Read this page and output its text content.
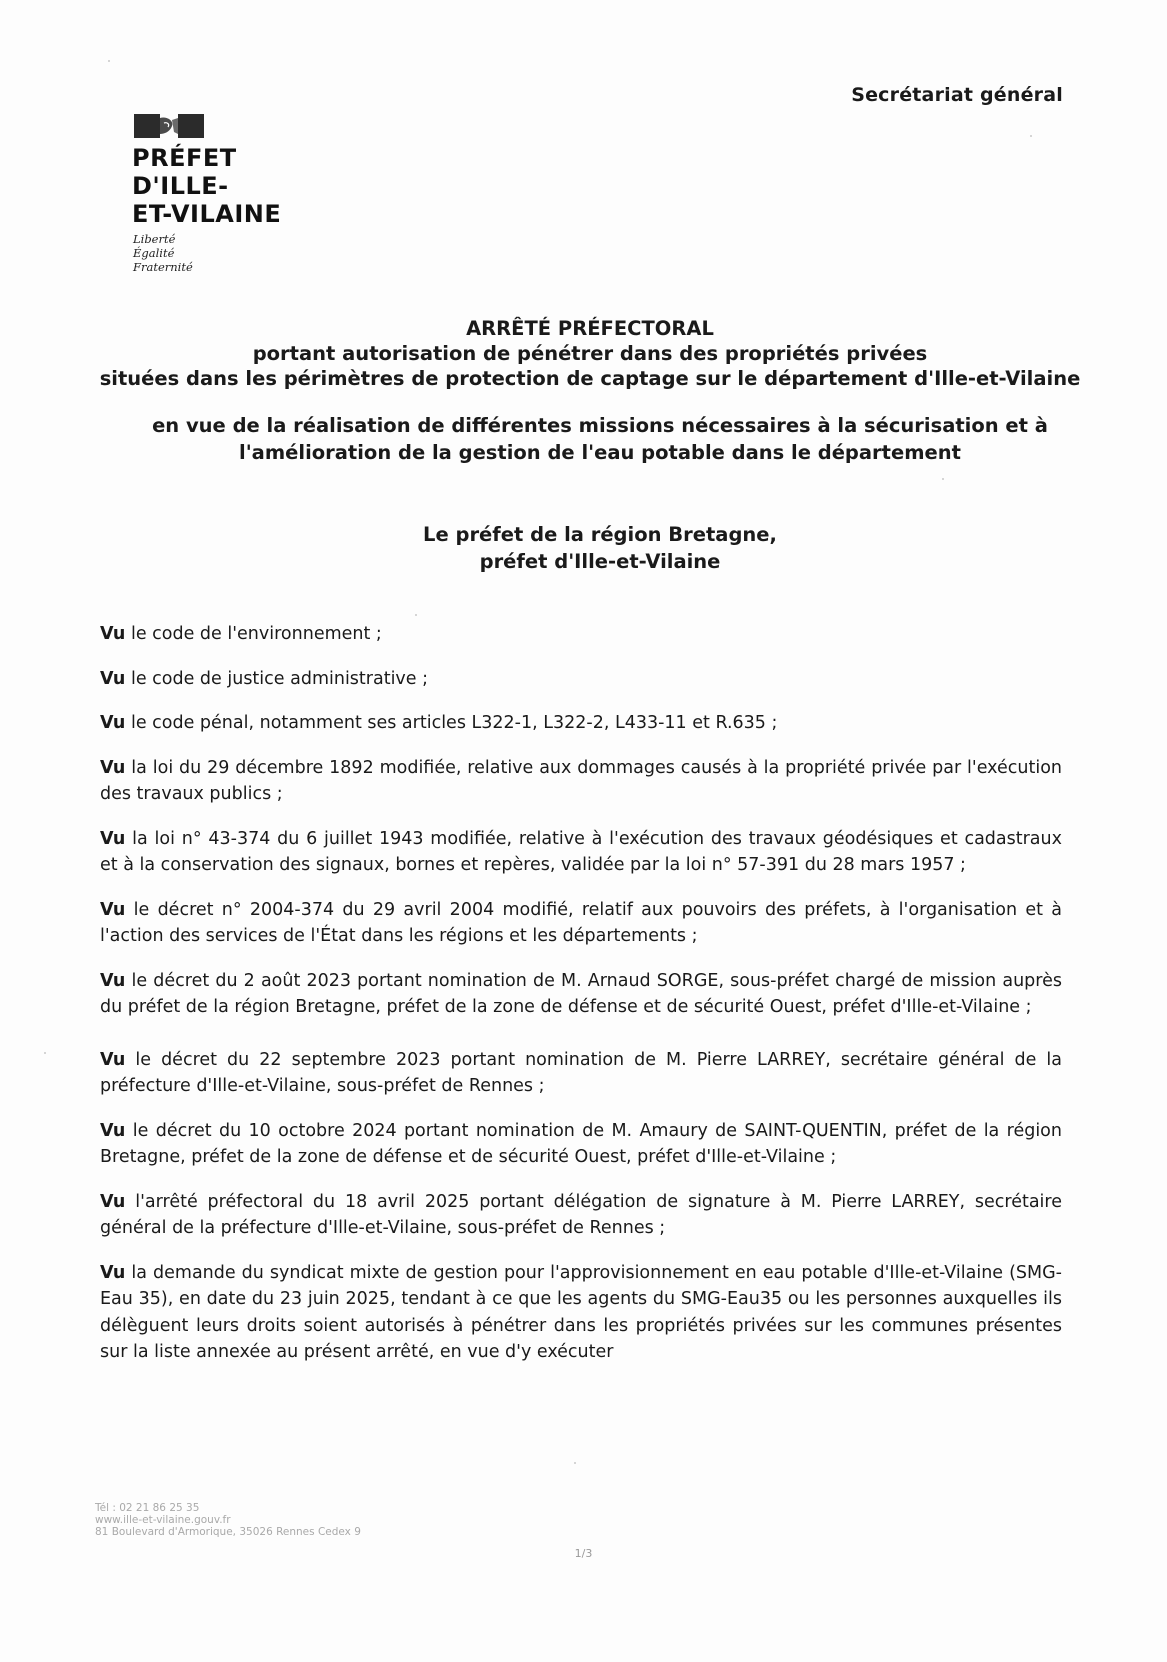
Secrétariat général
PRÉFET
D'ILLE-
ET-VILAINE
Liberté
Égalité
Fraternité
ARRÊTÉ PRÉFECTORAL
portant autorisation de pénétrer dans des propriétés privées
situées dans les périmètres de protection de captage sur le département d'Ille-et-Vilaine
en vue de la réalisation de différentes missions nécessaires à la sécurisation et à
l'amélioration de la gestion de l'eau potable dans le département
Le préfet de la région Bretagne,
préfet d'Ille-et-Vilaine

Vu le code de l'environnement ;

Vu le code de justice administrative ;

Vu le code pénal, notamment ses articles L322-1, L322-2, L433-11 et R.635 ;

Vu la loi du 29 décembre 1892 modifiée, relative aux dommages causés à la propriété privée par l'exécution des travaux publics ;

Vu la loi n° 43-374 du 6 juillet 1943 modifiée, relative à l'exécution des travaux géodésiques et cadastraux et à la conservation des signaux, bornes et repères, validée par la loi n° 57-391 du 28 mars 1957 ;

Vu le décret n° 2004-374 du 29 avril 2004 modifié, relatif aux pouvoirs des préfets, à l'organisation et à l'action des services de l'État dans les régions et les départements ;

Vu le décret du 2 août 2023 portant nomination de M. Arnaud SORGE, sous-préfet chargé de mission auprès du préfet de la région Bretagne, préfet de la zone de défense et de sécurité Ouest, préfet d'Ille-et-Vilaine ;

Vu le décret du 22 septembre 2023 portant nomination de M. Pierre LARREY, secrétaire général de la préfecture d'Ille-et-Vilaine, sous-préfet de Rennes ;

Vu le décret du 10 octobre 2024 portant nomination de M. Amaury de SAINT-QUENTIN, préfet de la région Bretagne, préfet de la zone de défense et de sécurité Ouest, préfet d'Ille-et-Vilaine ;

Vu l'arrêté préfectoral du 18 avril 2025 portant délégation de signature à M. Pierre LARREY, secrétaire général de la préfecture d'Ille-et-Vilaine, sous-préfet de Rennes ;

Vu la demande du syndicat mixte de gestion pour l'approvisionnement en eau potable d'Ille-et-Vilaine (SMG-Eau 35), en date du 23 juin 2025, tendant à ce que les agents du SMG-Eau35 ou les personnes auxquelles ils délèguent leurs droits soient autorisés à pénétrer dans les propriétés privées sur les communes présentes sur la liste annexée au présent arrêté, en vue d'y exécuter

Tél : 02 21 86 25 35
www.ille-et-vilaine.gouv.fr
81 Boulevard d'Armorique, 35026 Rennes Cedex 9
1/3
